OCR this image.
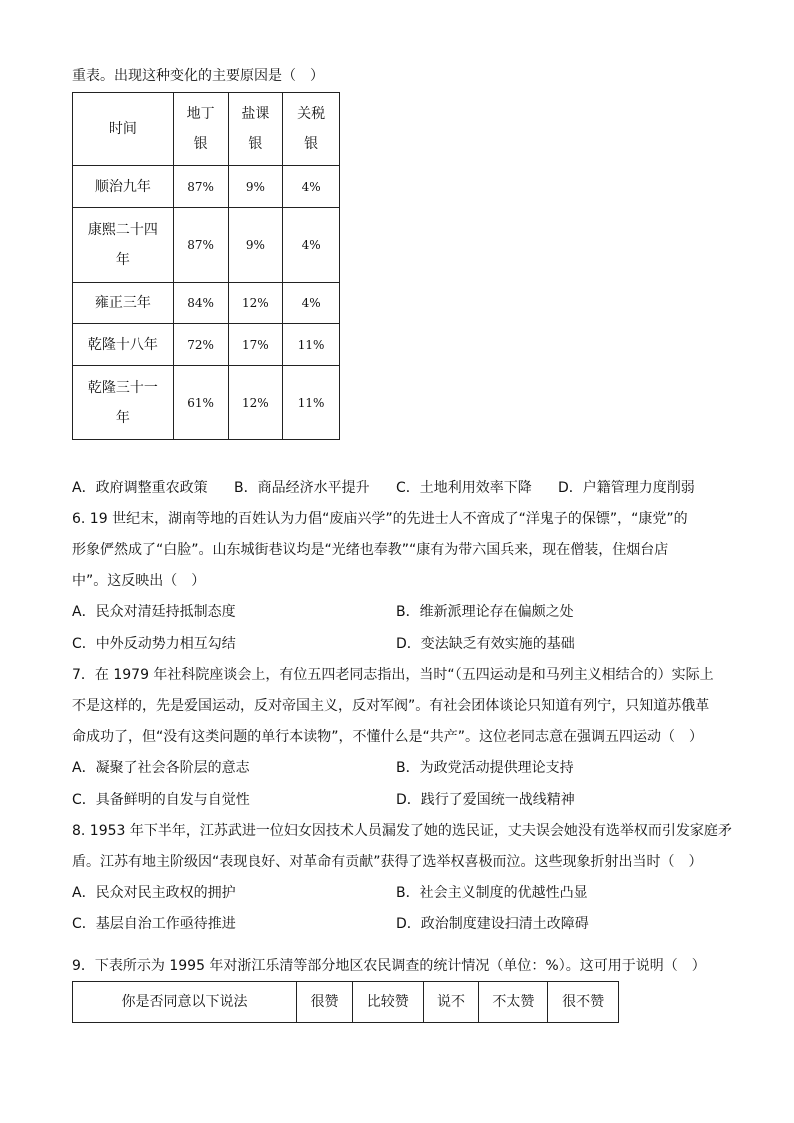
重表。出现这种变化的主要原因是（　）
时间	地丁银	盐课银	关税银

顺治九年	87%	9%	4%

康熙二十四年	87%	9%	4%
雍正三年	84%	12%	4%
乾隆十八年	72%	17%	11%

乾隆三十一年	61%	12%	11%
A．政府调整重农政策 B．商品经济水平提升 C．土地利用效率下降 D．户籍管理力度削弱
6. 19 世纪末，湖南等地的百姓认为力倡“废庙兴学”的先进士人不啻成了“洋鬼子的保镖”，“康党”的
形象俨然成了“白脸”。山东城街巷议均是“光绪也奉教”“康有为带六国兵来，现在僧装，住烟台店
中”。这反映出（　）
A．民众对清廷持抵制态度	B．维新派理论存在偏颇之处
C．中外反动势力相互勾结	D．变法缺乏有效实施的基础
7．在 1979 年社科院座谈会上，有位五四老同志指出，当时“（五四运动是和马列主义相结合的）实际上
不是这样的，先是爱国运动，反对帝国主义，反对军阀”。有社会团体谈论只知道有列宁，只知道苏俄革
命成功了，但“没有这类问题的单行本读物”，不懂什么是“共产”。这位老同志意在强调五四运动（　）
A．凝聚了社会各阶层的意志	B．为政党活动提供理论支持
C．具备鲜明的自发与自觉性	D．践行了爱国统一战线精神
8. 1953 年下半年，江苏武进一位妇女因技术人员漏发了她的选民证，丈夫误会她没有选举权而引发家庭矛
盾。江苏有地主阶级因“表现良好、对革命有贡献”获得了选举权喜极而泣。这些现象折射出当时（　）
A．民众对民主政权的拥护	B．社会主义制度的优越性凸显
C．基层自治工作亟待推进	D．政治制度建设扫清土改障碍
9．下表所示为 1995 年对浙江乐清等部分地区农民调查的统计情况（单位：%）。这可用于说明（　）
你是否同意以下说法	很赞	比较赞	说不	不太赞	很不赞
